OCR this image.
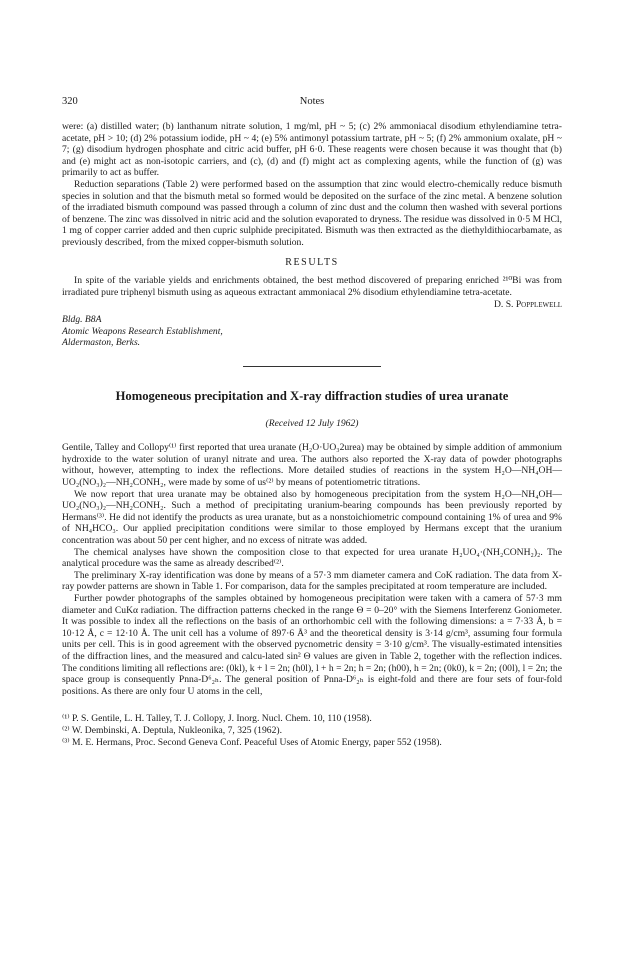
320	Notes

were: (a) distilled water; (b) lanthanum nitrate solution, 1 mg/ml, pH ~ 5; (c) 2% ammoniacal disodium ethylendiamine tetra-acetate, pH > 10; (d) 2% potassium iodide, pH ~ 4; (e) 5% antimonyl potassium tartrate, pH ~ 5; (f) 2% ammonium oxalate, pH ~ 7; (g) disodium hydrogen phosphate and citric acid buffer, pH 6·0. These reagents were chosen because it was thought that (b) and (e) might act as non-isotopic carriers, and (c), (d) and (f) might act as complexing agents, while the function of (g) was primarily to act as buffer.

Reduction separations (Table 2) were performed based on the assumption that zinc would electro-chemically reduce bismuth species in solution and that the bismuth metal so formed would be deposited on the surface of the zinc metal. A benzene solution of the irradiated bismuth compound was passed through a column of zinc dust and the column then washed with several portions of benzene. The zinc was dissolved in nitric acid and the solution evaporated to dryness. The residue was dissolved in 0·5 M HCl, 1 mg of copper carrier added and then cupric sulphide precipitated. Bismuth was then extracted as the diethyldithiocarbamate, as previously described, from the mixed copper-bismuth solution.

RESULTS

In spite of the variable yields and enrichments obtained, the best method discovered of preparing enriched ²¹⁰Bi was from irradiated pure triphenyl bismuth using as aqueous extractant ammoniacal 2% disodium ethylendiamine tetra-acetate.

D. S. Popplewell
Bldg. B8A
Atomic Weapons Research Establishment,
Aldermaston, Berks.
Homogeneous precipitation and X-ray diffraction studies of urea uranate
(Received 12 July 1962)

Gentile, Talley and Collopy⁽¹⁾ first reported that urea uranate (H₂O·UO₃2urea) may be obtained by simple addition of ammonium hydroxide to the water solution of uranyl nitrate and urea. The authors also reported the X-ray data of powder photographs without, however, attempting to index the reflections. More detailed studies of reactions in the system H₂O—NH₄OH—UO₂(NO₃)₂—NH₂CONH₂, were made by some of us⁽²⁾ by means of potentiometric titrations.

We now report that urea uranate may be obtained also by homogeneous precipitation from the system H₂O—NH₄OH—UO₂(NO₃)₂—NH₂CONH₂. Such a method of precipitating uranium-bearing compounds has been previously reported by Hermans⁽³⁾. He did not identify the products as urea uranate, but as a nonstoichiometric compound containing 1% of urea and 9% of NH₄HCO₃. Our applied precipitation conditions were similar to those employed by Hermans except that the uranium concentration was about 50 per cent higher, and no excess of nitrate was added.

The chemical analyses have shown the composition close to that expected for urea uranate H₂UO₄·(NH₂CONH₂)₂. The analytical procedure was the same as already described⁽²⁾.

The preliminary X-ray identification was done by means of a 57·3 mm diameter camera and CoK radiation. The data from X-ray powder patterns are shown in Table 1. For comparison, data for the samples precipitated at room temperature are included.

Further powder photographs of the samples obtained by homogeneous precipitation were taken with a camera of 57·3 mm diameter and CuKα radiation. The diffraction patterns checked in the range Θ = 0–20° with the Siemens Interferenz Goniometer. It was possible to index all the reflections on the basis of an orthorhombic cell with the following dimensions: a = 7·33 Å, b = 10·12 Å, c = 12·10 Å. The unit cell has a volume of 897·6 Å³ and the theoretical density is 3·14 g/cm³, assuming four formula units per cell. This is in good agreement with the observed pycnometric density = 3·10 g/cm³. The visually-estimated intensities of the diffraction lines, and the measured and calcu-lated sin² Θ values are given in Table 2, together with the reflection indices. The conditions limiting all reflections are: (0kl), k + l = 2n; (h0l), l + h = 2n; h = 2n; (h00), h = 2n; (0k0), k = 2n; (00l), l = 2n; the space group is consequently Pnna-D⁶₂ₕ. The general position of Pnna-D⁶₂ₕ is eight-fold and there are four sets of four-fold positions. As there are only four U atoms in the cell,

⁽¹⁾ P. S. Gentile, L. H. Talley, T. J. Collopy, J. Inorg. Nucl. Chem. 10, 110 (1958).
⁽²⁾ W. Dembinski, A. Deptula, Nukleonika, 7, 325 (1962).
⁽³⁾ M. E. Hermans, Proc. Second Geneva Conf. Peaceful Uses of Atomic Energy, paper 552 (1958).
